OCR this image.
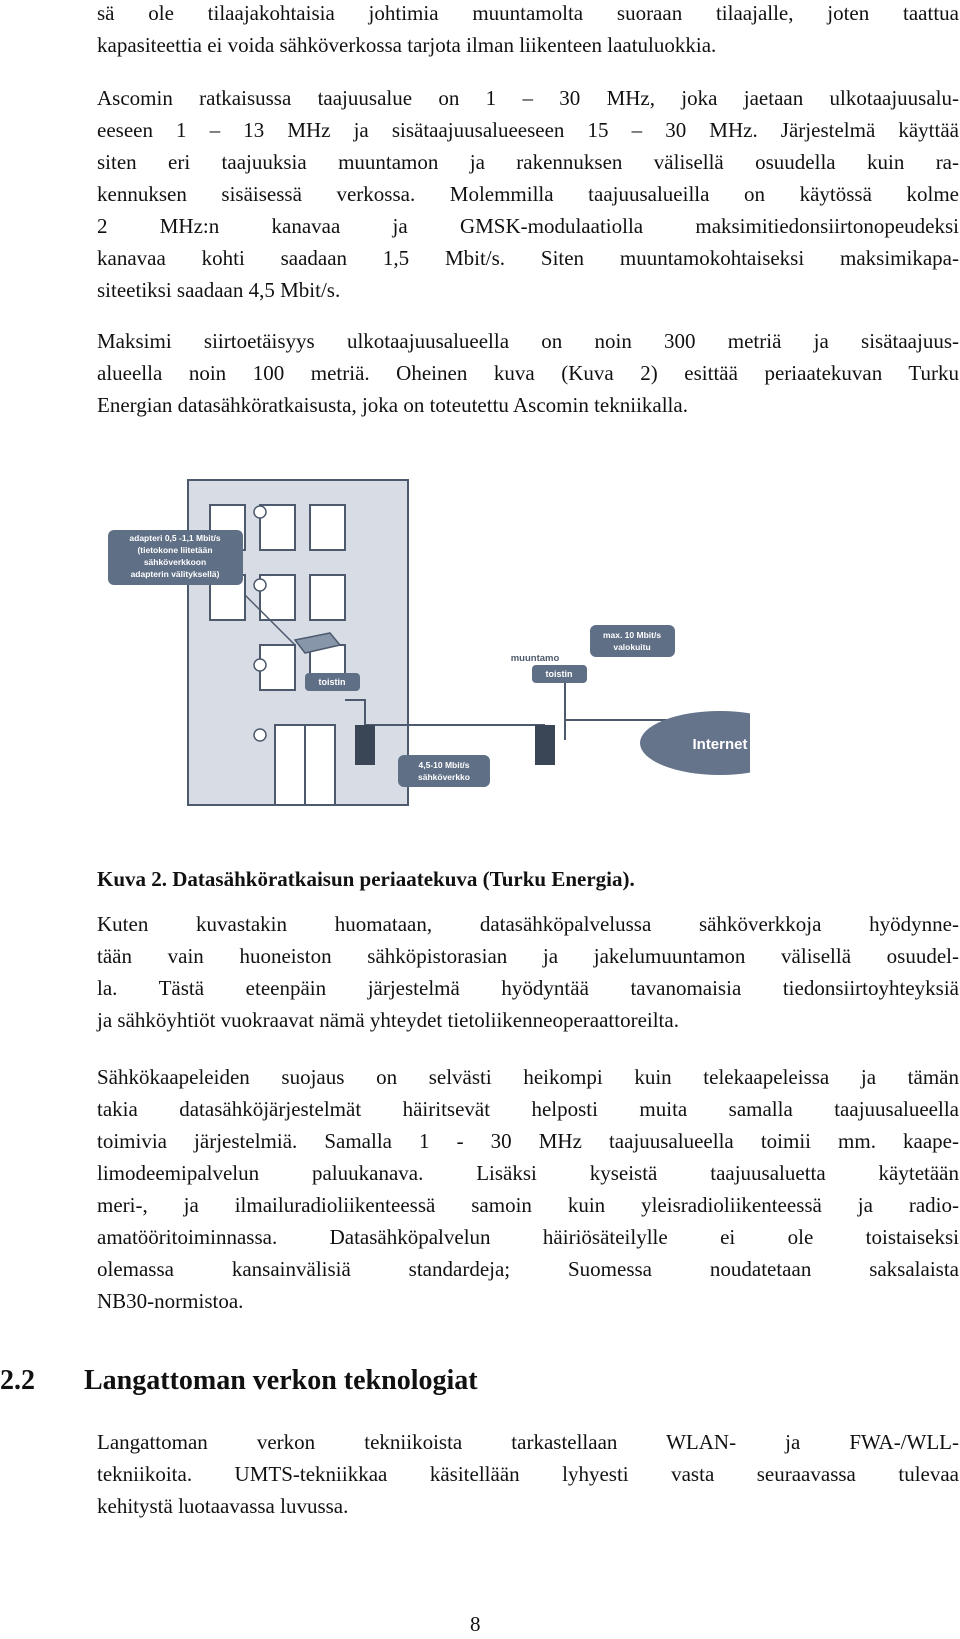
sä ole tilaajakohtaisia johtimia muuntamolta suoraan tilaajalle, joten taattua
kapasiteettia ei voida sähköverkossa tarjota ilman liikenteen laatuluokkia.
Ascomin ratkaisussa taajuusalue on 1 – 30 MHz, joka jaetaan ulkotaajuusalu-
eeseen 1 – 13 MHz ja sisätaajuusalueeseen 15 – 30 MHz. Järjestelmä käyttää
siten eri taajuuksia muuntamon ja rakennuksen välisellä osuudella kuin ra-
kennuksen sisäisessä verkossa. Molemmilla taajuusalueilla on käytössä kolme
2 MHz:n kanavaa ja GMSK-modulaatiolla maksimitiedonsiirtonopeudeksi
kanavaa kohti saadaan 1,5 Mbit/s. Siten muuntamokohtaiseksi maksimikapa-
siteetiksi saadaan 4,5 Mbit/s.
Maksimi siirtoetäisyys ulkotaajuusalueella on noin 300 metriä ja sisätaajuus-
alueella noin 100 metriä. Oheinen kuva (Kuva 2) esittää periaatekuvan Turku
Energian datasähköratkaisusta, joka on toteutettu Ascomin tekniikalla.
adapteri 0,5 -1,1 Mbit/s
(tietokone liitetään
sähköverkkoon
adapterin välityksellä)
toistin
muuntamo
toistin
max. 10 Mbit/s
valokuitu
4,5-10 Mbit/s
sähköverkko
Internet
Kuva 2. Datasähköratkaisun periaatekuva (Turku Energia).
Kuten kuvastakin huomataan, datasähköpalvelussa sähköverkkoja hyödynne-
tään vain huoneiston sähköpistorasian ja jakelumuuntamon välisellä osuudel-
la. Tästä eteenpäin järjestelmä hyödyntää tavanomaisia tiedonsiirtoyhteyksiä
ja sähköyhtiöt vuokraavat nämä yhteydet tietoliikenneoperaattoreilta.
Sähkökaapeleiden suojaus on selvästi heikompi kuin telekaapeleissa ja tämän
takia datasähköjärjestelmät häiritsevät helposti muita samalla taajuusalueella
toimivia järjestelmiä. Samalla 1 - 30 MHz taajuusalueella toimii mm. kaape-
limodeemipalvelun paluukanava. Lisäksi kyseistä taajuusaluetta käytetään
meri-, ja ilmailuradioliikenteessä samoin kuin yleisradioliikenteessä ja radio-
amatööritoiminnassa. Datasähköpalvelun häiriösäteilylle ei ole toistaiseksi
olemassa kansainvälisiä standardeja; Suomessa noudatetaan saksalaista
NB30-normistoa.
2.2 Langattoman verkon teknologiat
Langattoman verkon tekniikoista tarkastellaan WLAN- ja FWA-/WLL-
tekniikoita. UMTS-tekniikkaa käsitellään lyhyesti vasta seuraavassa tulevaa
kehitystä luotaavassa luvussa.
8
